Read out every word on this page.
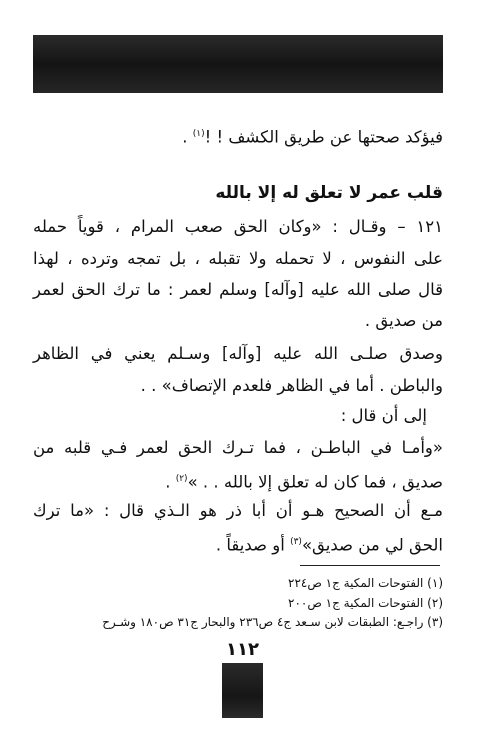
فيؤكد صحتها عن طريق الكشف ! !$^{(١)}$ .
قلب عمر لا تعلق له إلا بالله
١٢١ – وقـال : «وكان الحق صعب المرام ، قوياً حمله
على النفوس ، لا تحمله ولا تقبله ، بل تمجه وترده ، لهذا
قال صلى الله عليه [وآله] وسلم لعمر : ما ترك الحق لعمر
من صديق .
وصدق صلـى الله عليه [وآله] وسـلم يعني في الظاهر
والباطن . أما في الظاهر فلعدم الإتصاف» . .
إلى أن قال :
«وأمـا في الباطـن ، فما تـرك الحق لعمر فـي قلبه من
صديق ، فما كان له تعلق إلا بالله . . »$^{(٢)}$ .
مـع أن الصحيح هـو أن أبا ذر هو الـذي قال : «ما ترك
الحق لي من صديق»$^{(٣)}$ أو صديقاً .
(١) الفتوحات المكية ج١ ص٢٢٤
(٢) الفتوحات المكية ج١ ص٢٠٠
(٣) راجـع: الطبقات لابن سـعد ج٤ ص٢٣٦ والبحار ج٣١ ص١٨٠ وشـرح
١١٢
